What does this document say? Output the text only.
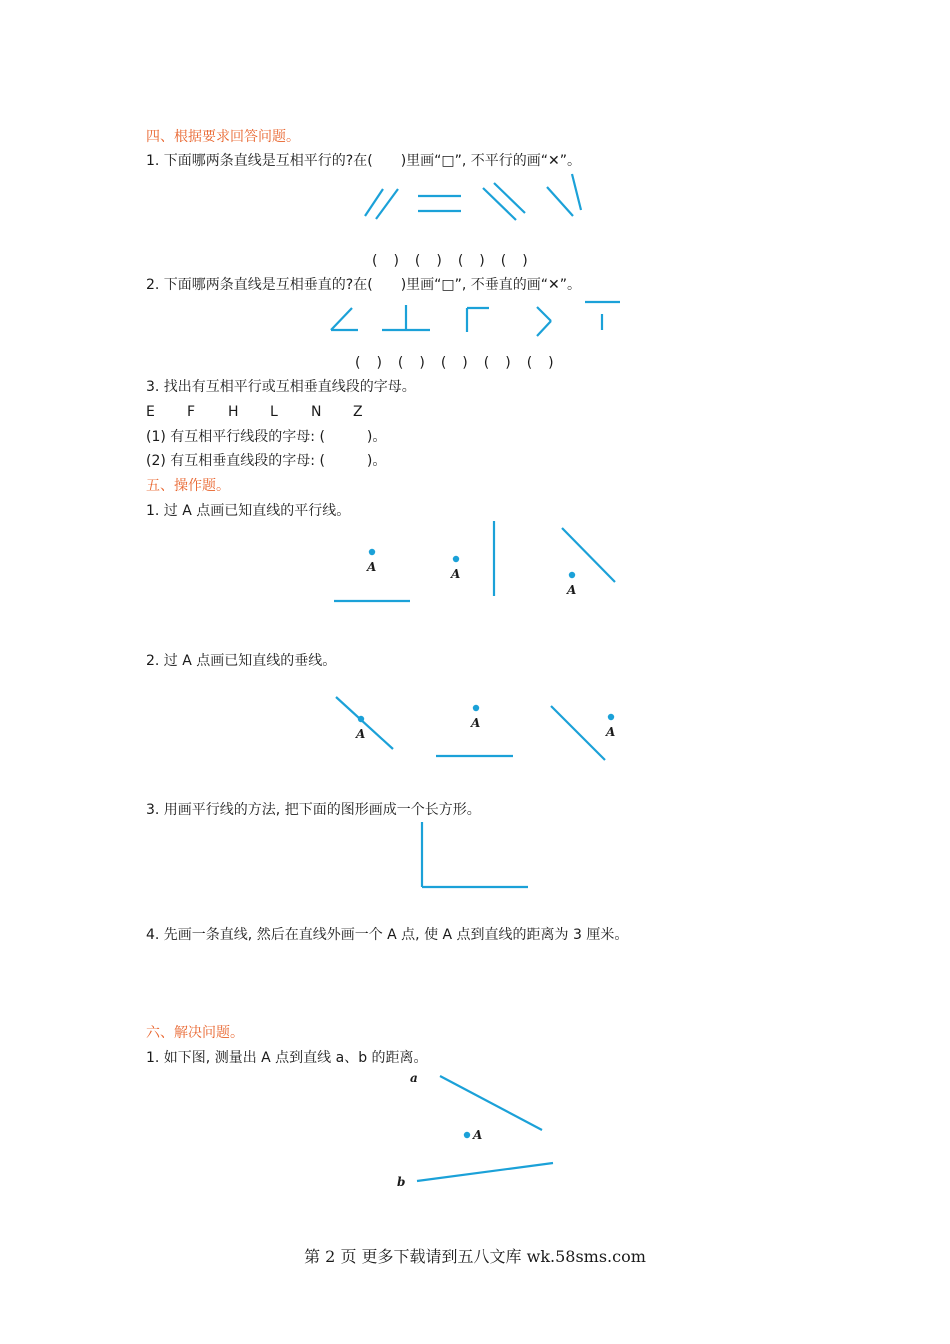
四、根据要求回答问题。
1. 下面哪两条直线是互相平行的?在(　　)里画“□”, 不平行的画“✕”。
(　)　(　)　(　)　(　)
2. 下面哪两条直线是互相垂直的?在(　　)里画“□”, 不垂直的画“✕”。
(　)　(　)　(　)　(　)　(　)
3. 找出有互相平行或互相垂直线段的字母。
E F H L N Z
(1) 有互相平行线段的字母: (　　　)。
(2) 有互相垂直线段的字母: (　　　)。
五、操作题。
1. 过 A 点画已知直线的平行线。
A	A
A
2. 过 A 点画已知直线的垂线。
A
A
A
3. 用画平行线的方法, 把下面的图形画成一个长方形。
4. 先画一条直线, 然后在直线外画一个 A 点, 使 A 点到直线的距离为 3 厘米。
六、解决问题。
1. 如下图, 测量出 A 点到直线 a、b 的距离。
a
A
b
第 2 页 更多下载请到五八文库 wk.58sms.com
